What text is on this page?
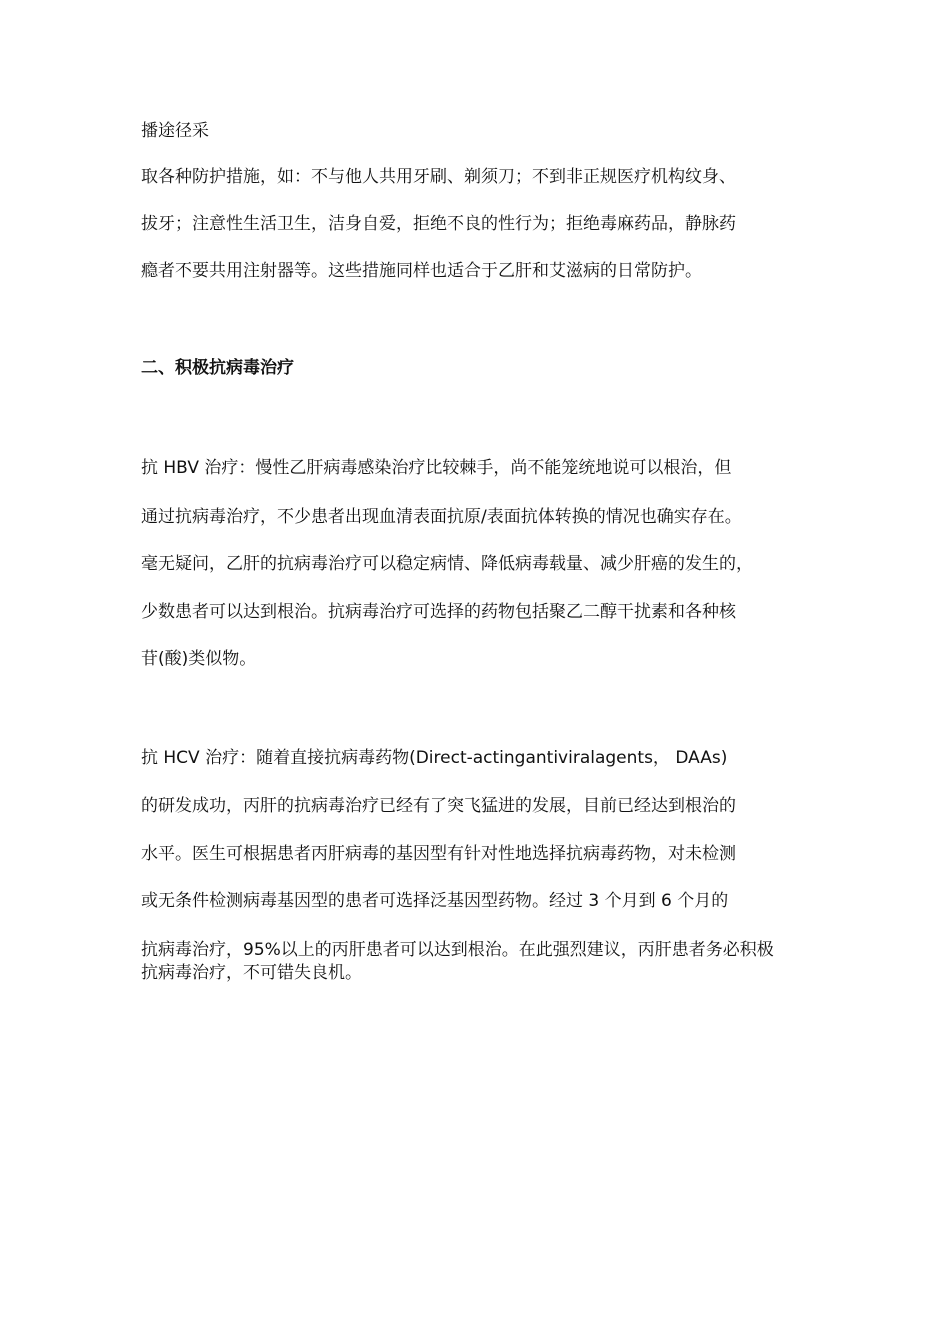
播途径采
取各种防护措施，如：不与他人共用牙刷、剃须刀；不到非正规医疗机构纹身、
拔牙；注意性生活卫生，洁身自爱，拒绝不良的性行为；拒绝毒麻药品，静脉药
瘾者不要共用注射器等。这些措施同样也适合于乙肝和艾滋病的日常防护。
二、积极抗病毒治疗
抗 HBV 治疗：慢性乙肝病毒感染治疗比较棘手，尚不能笼统地说可以根治，但
通过抗病毒治疗，不少患者出现血清表面抗原/表面抗体转换的情况也确实存在。
毫无疑问，乙肝的抗病毒治疗可以稳定病情、降低病毒载量、减少肝癌的发生的，
少数患者可以达到根治。抗病毒治疗可选择的药物包括聚乙二醇干扰素和各种核
苷(酸)类似物。
抗 HCV 治疗：随着直接抗病毒药物(Direct-actingantiviralagents， DAAs)
的研发成功，丙肝的抗病毒治疗已经有了突飞猛进的发展，目前已经达到根治的
水平。医生可根据患者丙肝病毒的基因型有针对性地选择抗病毒药物，对未检测
或无条件检测病毒基因型的患者可选择泛基因型药物。经过 3 个月到 6 个月的
抗病毒治疗，95%以上的丙肝患者可以达到根治。在此强烈建议，丙肝患者务必积极
抗病毒治疗，不可错失良机。
